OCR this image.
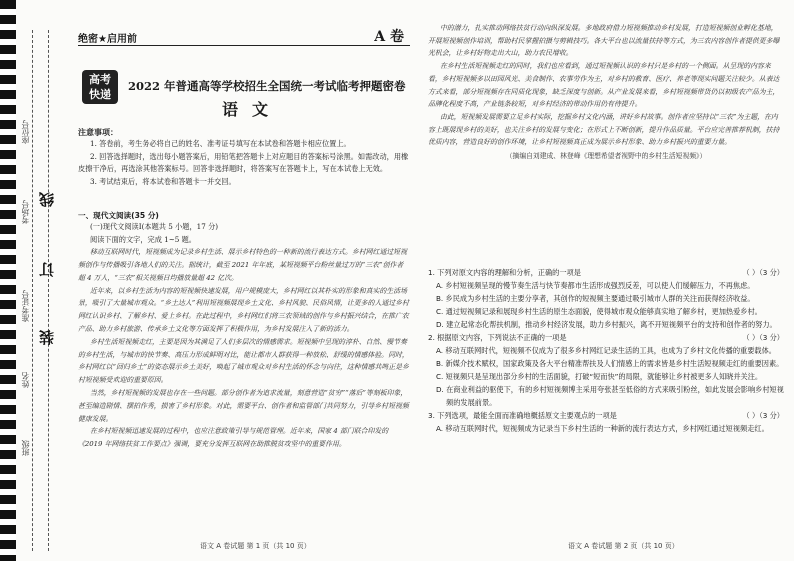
班级
姓名
准考证号
考场号
座位号
装
订
线
绝密★启用前	A 卷
高考
快递
2022 年普通高等学校招生全国统一考试临考押题密卷
语文
注意事项：

1. 答卷前，考生务必将自己的姓名、准考证号填写在本试卷和答题卡相应位置上。

2. 回答选择题时，选出每小题答案后，用铅笔把答题卡上对应题目的答案标号涂黑。如需改动，用橡皮擦干净后，再选涂其他答案标号。回答非选择题时，将答案写在答题卡上，写在本试卷上无效。

3. 考试结束后，将本试卷和答题卡一并交回。

一、现代文阅读(35 分)
(一)现代文阅读Ⅰ(本题共 5 小题，17 分)
阅读下面的文字，完成 1~5 题。

移动互联网时代，短视频成为记录乡村生活、展示乡村特色的一种新的流行表达方式。乡村网红通过短视频创作与传播吸引各地人们的关注。据统计，截至 2021 年年底，某短视频平台粉丝量过万的“三农”创作者超 4 万人，“三农”相关视频日均播放量超 42 亿次。

近年来，以乡村生活为内容的短视频快速发展，用户规模庞大，乡村网红以其朴实的形象和真实的生活场景，吸引了大量城市观众。“乡土达人”利用短视频展现乡土文化、乡村风貌、民俗风情，让更多的人通过乡村网红认识乡村、了解乡村、爱上乡村。在此过程中，乡村网红们将三农领域的创作与乡村振兴结合，在推广农产品、助力乡村旅游、传承乡土文化等方面发挥了积极作用，为乡村发展注入了新的活力。

乡村生活短视频走红，主要是因为其满足了人们多层次的情感需求。短视频中呈现的淳朴、自然、慢节奏的乡村生活，与城市的快节奏、高压力形成鲜明对比，能让都市人群获得一种放松、舒缓的情感体验。同时，乡村网红以“回归乡土”的姿态展示乡土美好，唤起了城市观众对乡村生活的怀念与向往，这种情感共鸣正是乡村短视频受欢迎的重要原因。

当然，乡村短视频的发展也存在一些问题。部分创作者为追求流量，刻意营造“贫穷”“落后”等刻板印象，甚至编造剧情、摆拍作秀，损害了乡村形象。对此，需要平台、创作者和监管部门共同努力，引导乡村短视频健康发展。

在乡村短视频迅速发展的过程中，也应注意政策引导与规范管理。近年来，国家 4 部门联合印发的《2019 年网络扶贫工作要点》强调，要充分发挥互联网在助推脱贫攻坚中的重要作用。

语文 A 卷试题 第 1 页（共 10 页）

中的潜力，扎实推动网络扶贫行动向纵深发展。多地政府借力短视频推动乡村发展，打造短视频创业孵化基地，开展短视频创作培训，帮助村民掌握拍摄与剪辑技巧。各大平台也以流量扶持等方式，为三农内容创作者提供更多曝光机会，让乡村好物走出大山，助力农民增收。

在乡村生活短视频走红的同时，我们也应看到，通过短视频认识的乡村只是乡村的一个侧面。从呈现的内容来看，乡村短视频多以田园风光、美食制作、农事劳作为主，对乡村的教育、医疗、养老等现实问题关注较少。从表达方式来看，部分短视频存在同质化现象，缺乏深度与创新。从产业发展来看，乡村短视频带货仍以初级农产品为主，品牌化程度不高，产业链条较短，对乡村经济的带动作用仍有待提升。

由此，短视频发展需要立足乡村实际，挖掘乡村文化内涵，讲好乡村故事。创作者应坚持以“三农”为主题，在内容上既展现乡村的美好，也关注乡村的发展与变化；在形式上不断创新，提升作品质量。平台应完善推荐机制，扶持优质内容，营造良好的创作环境，让乡村短视频真正成为展示乡村形象、助力乡村振兴的重要力量。

（摘编自刘建成、林登峰《理想希望者视野中的乡村生活短视频》）
1. 下列对原文内容的理解和分析，正确的一项是	（ ）（3 分）
A. 乡村短视频呈现的慢节奏生活与快节奏都市生活形成强烈反差，可以使人们缓解压力，不再焦虑。
B. 乡民成为乡村生活的主要分享者，其创作的短视频主要通过吸引城市人群的关注而获得经济收益。
C. 通过短视频记录和展现乡村生活的原生态面貌，使得城市观众能够真实地了解乡村，更加热爱乡村。
D. 建立起常态化帮扶机制，推动乡村经济发展，助力乡村振兴，离不开短视频平台的支持和创作者的努力。
2. 根据原文内容，下列说法不正确的一项是	（ ）（3 分）
A. 移动互联网时代，短视频不仅成为了很多乡村网红记录生活的工具，也成为了乡村文化传播的重要载体。
B. 新媒介技术赋权，国家政策及各大平台精准帮扶及人们情感上的需求皆是乡村生活短视频走红的重要因素。
C. 短视频只是呈现出部分乡村的生活面貌，打破“短而快”的局限，就能够让乡村被更多人知晓并关注。
D. 在商业利益的驱使下，有的乡村短视频博主采用夸张甚至低俗的方式来吸引粉丝，如此发展会影响乡村短视频的发展前景。
3. 下列选项，最能全面而准确地概括原文主要观点的一项是	（ ）（3 分）
A. 移动互联网时代，短视频成为记录当下乡村生活的一种新的流行表达方式，乡村网红通过短视频走红。
语文 A 卷试题 第 2 页（共 10 页）
